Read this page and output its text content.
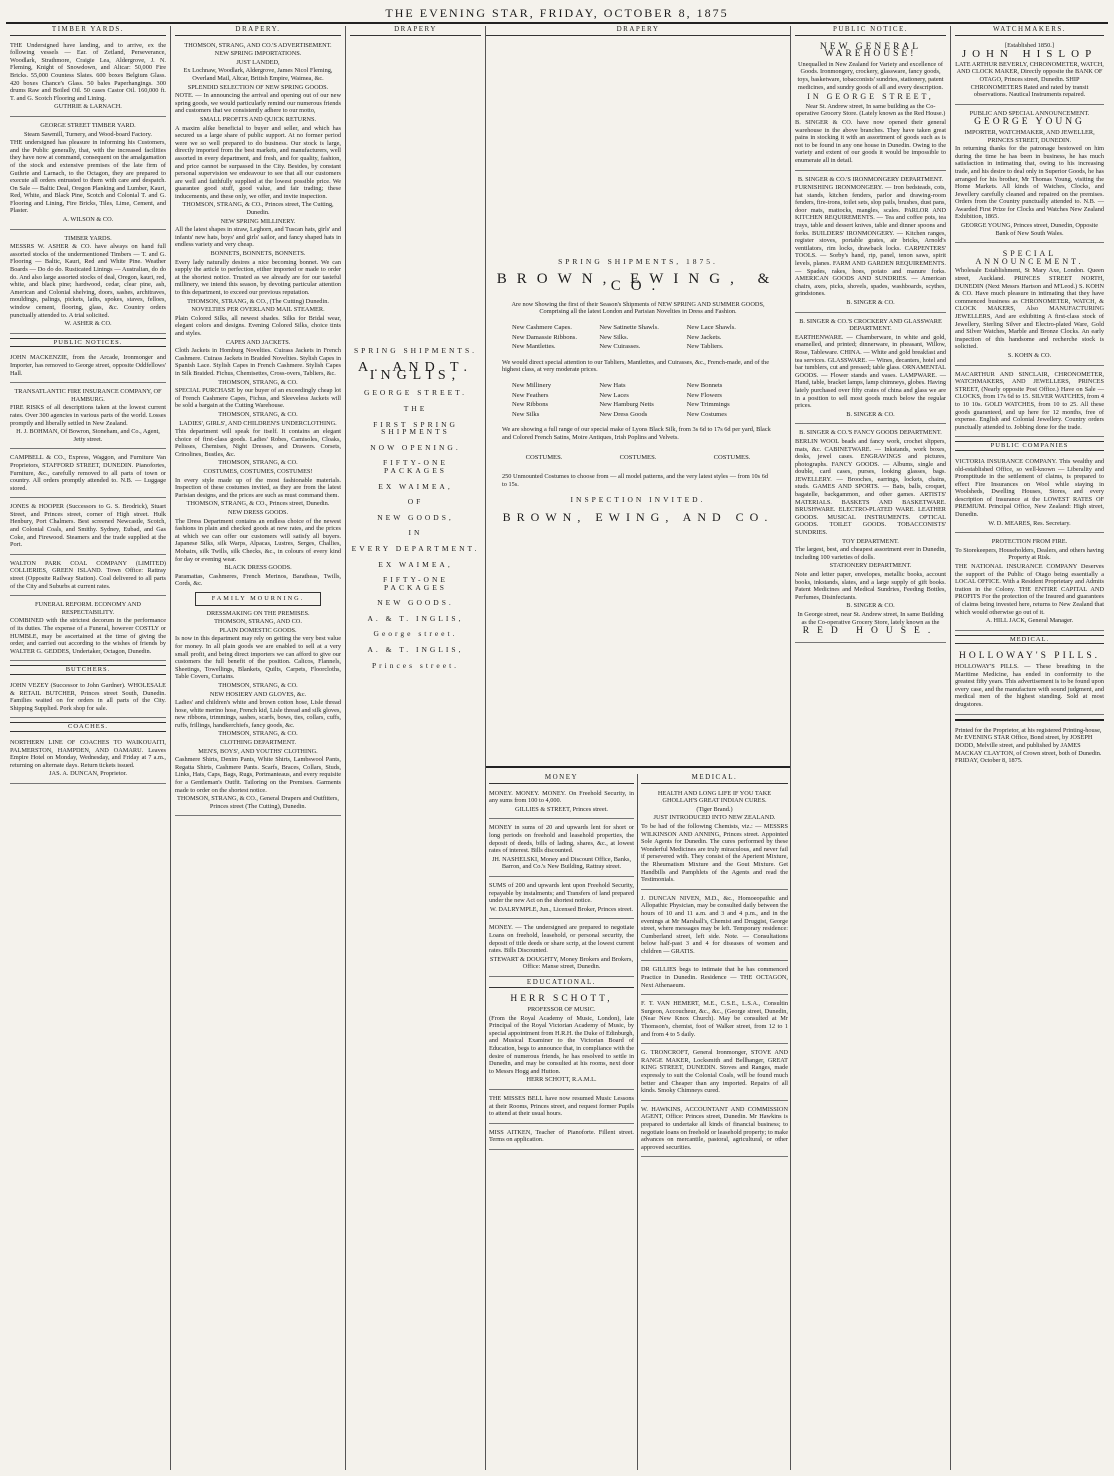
THE EVENING STAR, FRIDAY, OCTOBER 8, 1875
TIMBER YARDS.

THE Undersigned have landing, and to arrive, ex the following vessels — Ear. of Zetland, Perseverance, Woodlark, Strathmore, Craigie Lea, Aldergrove, J. N. Fleming, Knight of Snowdown, and Altcar: 50,000 Fire Bricks. 55,000 Countess Slates. 600 boxes Belgium Glass. 420 boxes Chance's Glass. 50 bales Paperhangings. 300 drums Raw and Boiled Oil. 50 cases Castor Oil. 160,000 ft. T. and G. Scotch Flooring and Lining.

GUTHRIE & LARNACH.

GEORGE STREET TIMBER YARD.

Steam Sawmill, Turnery, and Wood-board Factory.

THE undersigned has pleasure in informing his Customers, and the Public generally, that, with the increased facilities they have now at command, consequent on the amalgamation of the stock and extensive premises of the late firm of Guthrie and Larnach, to the Octagon, they are prepared to execute all orders entrusted to them with care and despatch. On Sale — Baltic Deal, Oregon Planking and Lumber, Kauri, Red, White, and Black Pine, Scotch and Colonial T. and G. Flooring and Lining, Fire Bricks, Tiles, Lime, Cement, and Plaster.

A. WILSON & CO.

TIMBER YARDS.

MESSRS W. ASHER & CO. have always on hand full assorted stocks of the undermentioned Timbers — T. and G. Flooring — Baltic, Kauri, Red and White Pine. Weather Boards — Do do do. Rusticated Linings — Australian, do do do. And also large assorted stocks of deal, Oregon, kauri, red, white, and black pine; hardwood, cedar, clear pine, ash, American and Colonial shelving, doors, sashes, architraves, mouldings, palings, pickets, laths, spokes, staves, felloes, window cement, flooring, glass, &c. Country orders punctually attended to. A trial solicited.

W. ASHER & CO.

PUBLIC NOTICES.

JOHN MACKENZIE, from the Arcade, Ironmonger and Importer, has removed to George street, opposite Oddfellows' Hall.

TRANSATLANTIC FIRE INSURANCE COMPANY, OF HAMBURG.

FIRE RISKS of all descriptions taken at the lowest current rates. Over 300 agencies in various parts of the world. Losses promptly and liberally settled in New Zealand.

H. J. BOHMAN, Of Bowron, Stoneham, and Co., Agent, Jetty street.

CAMPBELL & CO., Express, Waggon, and Furniture Van Proprietors, STAFFORD STREET, DUNEDIN. Pianofortes, Furniture, &c., carefully removed to all parts of town or country. All orders promptly attended to. N.B. — Luggage stored.

JONES & HOOPER (Successors to G. S. Brodrick), Stuart Street, and Princes street, corner of High street. Hulk Henbury, Port Chalmers. Best screened Newcastle, Scotch, and Colonial Coals, and Smithy. Sydney, Eubad, and Gas Coke, and Firewood. Steamers and the trade supplied at the Port.

WALTON PARK COAL COMPANY (LIMITED) COLLIERIES, GREEN ISLAND. Town Office: Rattray street (Opposite Railway Station). Coal delivered to all parts of the City and Suburbs at current rates.

FUNERAL REFORM. ECONOMY AND RESPECTABILITY.

COMBINED with the strictest decorum in the performance of its duties. The expense of a Funeral, however COSTLY or HUMBLE, may be ascertained at the time of giving the order, and carried out according to the wishes of friends by WALTER G. GEDDES, Undertaker, Octagon, Dunedin.

BUTCHERS.

JOHN VEZEY (Successor to John Gardner). WHOLESALE & RETAIL BUTCHER, Princes street South, Dunedin. Families waited on for orders in all parts of the City. Shipping Supplied. Pork shop for sale.

COACHES.

NORTHERN LINE OF COACHES TO WAIKOUAITI, PALMERSTON, HAMPDEN, AND OAMARU. Leaves Empire Hotel on Monday, Wednesday, and Friday at 7 a.m., returning on alternate days. Return tickets issued.

JAS. A. DUNCAN, Proprietor.

DRAPERY.

THOMSON, STRANG, AND CO.'S ADVERTISEMENT.

NEW SPRING IMPORTATIONS.

JUST LANDED,

Ex Lochnaw, Woodlark, Aldergrove, James Nicol Fleming, Overland Mail, Altcar, British Empire, Waimea, &c.

SPLENDID SELECTION OF NEW SPRING GOODS.

NOTE. — In announcing the arrival and opening out of our new spring goods, we would particularly remind our numerous friends and customers that we consistently adhere to our motto,

SMALL PROFITS AND QUICK RETURNS.

A maxim alike beneficial to buyer and seller, and which has secured us a large share of public support. At no former period were we so well prepared to do business. Our stock is large, directly imported from the best markets, and manufacturers, well assorted in every department, and fresh, and for quality, fashion, and price cannot be surpassed in the City. Besides, by constant personal supervision we endeavour to see that all our customers are well and faithfully supplied at the lowest possible price. We guarantee good stuff, good value, and fair trading; these inducements, and these only, we offer, and invite inspection.

THOMSON, STRANG, & CO., Princes street, The Cutting, Dunedin.

NEW SPRING MILLINERY.

All the latest shapes in straw, Leghorn, and Tuscan hats, girls' and infants' new hats, boys' and girls' sailor, and fancy shaped hats in endless variety and very cheap.

BONNETS, BONNETS, BONNETS.

Every lady naturally desires a nice becoming bonnet. We can supply the article to perfection, either imported or made to order at the shortest notice. Trusted as we already are for our tasteful millinery, we intend this season, by devoting particular attention to this department, to exceed our previous reputation.

THOMSON, STRANG, & CO., (The Cutting) Dunedin.

NOVELTIES PER OVERLAND MAIL STEAMER.

Plain Colored Silks, all newest shades. Silks for Bridal wear, elegant colors and designs. Evening Colored Silks, choice tints and styles.

CAPES AND JACKETS.

Cloth Jackets in Homburg Novelties. Cuirass Jackets in French Cashmere. Cuirass Jackets in Braided Novelties. Stylish Capes in Spanish Lace. Stylish Capes in French Cashmere. Stylish Capes in Silk Braided. Fichus, Chemisettes, Cross-overs, Tabliers, &c.

THOMSON, STRANG, & CO.

SPECIAL PURCHASE by our buyer of an exceedingly cheap lot of French Cashmere Capes, Fichus, and Sleeveless Jackets will be sold a bargain at the Cutting Warehouse.

THOMSON, STRANG, & CO.

LADIES', GIRLS', AND CHILDREN'S UNDERCLOTHING.

This department will speak for itself. It contains an elegant choice of first-class goods. Ladies' Robes, Camisoles, Cloaks, Pelisses, Chemises, Night Dresses, and Drawers. Corsets, Crinolines, Bustles, &c.

THOMSON, STRANG, & CO.

COSTUMES, COSTUMES, COSTUMES!

In every style made up of the most fashionable materials. Inspection of these costumes invited, as they are from the latest Parisian designs, and the prices are such as must command them.

THOMSON, STRANG, & CO., Princes street, Dunedin.

NEW DRESS GOODS.

The Dress Department contains an endless choice of the newest fashions in plain and checked goods at new rates, and the prices at which we can offer our customers will satisfy all buyers. Japanese Silks, silk Warps, Alpacas, Lustres, Serges, Challies, Mohairs, silk Twills, silk Checks, &c., in colours of every kind for day or evening wear.

BLACK DRESS GOODS.

Paramattas, Cashmeres, French Merinos, Baratheas, Twills, Cords, &c.

FAMILY MOURNING.

DRESSMAKING ON THE PREMISES.

THOMSON, STRANG, AND CO.

PLAIN DOMESTIC GOODS.

Is now in this department may rely on getting the very best value for money. In all plain goods we are enabled to sell at a very small profit, and being direct importers we can afford to give our customers the full benefit of the position. Calicos, Flannels, Sheetings, Towellings, Blankets, Quilts, Carpets, Floorcloths, Table Covers, Curtains.

THOMSON, STRANG, & CO.

NEW HOSIERY AND GLOVES, &c.

Ladies' and children's white and brown cotton hose, Lisle thread hose, white merino hose, French kid, Lisle thread and silk gloves, new ribbons, trimmings, sashes, scarfs, bows, ties, collars, cuffs, ruffs, frillings, handkerchiefs, fancy goods, &c.

THOMSON, STRANG, & CO.

CLOTHING DEPARTMENT.

MEN'S, BOYS', AND YOUTHS' CLOTHING.

Cashmere Shirts, Denim Pants, White Shirts, Lambswool Pants, Regatta Shirts, Cashmere Pants. Scarfs, Braces, Collars, Studs, Links, Hats, Caps, Bags, Rugs, Portmanteaus, and every requisite for a Gentleman's Outfit. Tailoring on the Premises. Garments made to order on the shortest notice.

THOMSON, STRANG, & CO., General Drapers and Outfitters, Princes street (The Cutting), Dunedin.

DRAPERY
SPRING SHIPMENTS.
A. AND T. INGLIS,
GEORGE STREET.
THE
FIRST SPRING SHIPMENTS
NOW OPENING.
FIFTY-ONE PACKAGES
EX WAIMEA,
OF
NEW GOODS,
IN
EVERY DEPARTMENT.
EX WAIMEA,
FIFTY-ONE PACKAGES
NEW GOODS.
A. & T. INGLIS,
George street.
A. & T. INGLIS,
Princes street.
DRAPERY
SPRING SHIPMENTS, 1875.
BROWN, EWING, & CO.

Are now Showing the first of their Season's Shipments of NEW SPRING AND SUMMER GOODS, Comprising all the latest London and Parisian Novelties in Dress and Fashion.

New Cashmere Capes.	New Satinette Shawls.	New Lace Shawls.
New Damassie Ribbons.	New Silks.	New Jackets.
New Mantlettes.	New Cuirasses.	New Tabliers.

We would direct special attention to our Tabliers, Mantlettes, and Cuirasses, &c., French-made, and of the highest class, at very moderate prices.

New Millinery	New Hats	New Bonnets
New Feathers	New Laces	New Flowers
New Ribbons	New Hamburg Netts	New Trimmings
New Silks	New Dress Goods	New Costumes

We are showing a full range of our special make of Lyons Black Silk, from 3s 6d to 17s 6d per yard, Black and Colored French Satins, Moire Antiques, Irish Poplins and Velvets.

COSTUMES.	COSTUMES.	COSTUMES.

250 Unmounted Costumes to choose from — all model patterns, and the very latest styles — from 10s 6d to 15s.

INSPECTION INVITED.
BROWN, EWING, AND CO.
MONEY

MONEY. MONEY. MONEY. On Freehold Security, in any sums from 100 to 4,000.

GILLIES & STREET, Princes street.

MONEY in sums of 20 and upwards lent for short or long periods on freehold and leasehold properties, the deposit of deeds, bills of lading, shares, &c., at lowest rates of interest. Bills discounted.

JH. NASHELSKI, Money and Discount Office, Banks, Barron, and Co.'s New Building, Rattray street.

SUMS of 200 and upwards lent upon Freehold Security, repayable by instalments; and Transfers of land prepared under the new Act on the shortest notice.

W. DALRYMPLE, Jun., Licensed Broker, Princes street.

MONEY. — The undersigned are prepared to negotiate Loans on freehold, leasehold, or personal security, the deposit of title deeds or share scrip, at the lowest current rates. Bills Discounted.

STEWART & DOUGHTY, Money Brokers and Brokers, Office: Manse street, Dunedin.

EDUCATIONAL.
HERR SCHOTT,

PROFESSOR OF MUSIC.

(From the Royal Academy of Music, London), late Principal of the Royal Victorian Academy of Music, by special appointment from H.R.H. the Duke of Edinburgh, and Musical Examiner to the Victorian Board of Education, begs to announce that, in compliance with the desire of numerous friends, he has resolved to settle in Dunedin, and may be consulted at his rooms, next door to Messrs Hogg and Hutton.

HERR SCHOTT, R.A.M.L.

THE MISSES BELL have now resumed Music Lessons at their Rooms, Princes street, and request former Pupils to attend at their usual hours.

MISS AITKEN, Teacher of Pianoforte. Fillent street. Terms on application.

MEDICAL.

HEALTH AND LONG LIFE IF YOU TAKE GHOLLAH'S GREAT INDIAN CURES.

(Tiger Brand.)

JUST INTRODUCED INTO NEW ZEALAND.

To be had of the following Chemists, viz.: — MESSRS WILKINSON AND ANNING, Princes street. Appointed Sole Agents for Dunedin. The cures performed by these Wonderful Medicines are truly miraculous, and never fail if persevered with. They consist of the Aperient Mixture, the Rheumatism Mixture and the Gout Mixture. Get Handbills and Pamphlets of the Agents and read the Testimonials.

J. DUNCAN NIVEN, M.D., &c., Homoeopathic and Allopathic Physician, may be consulted daily between the hours of 10 and 11 a.m. and 3 and 4 p.m., and in the evenings at Mr Marshall's, Chemist and Druggist, George street, where messages may be left. Temporary residence: Cumberland street, left side. Note. — Consultations below half-past 3 and 4 for diseases of women and children — GRATIS.

DR GILLIES begs to intimate that he has commenced Practice in Dunedin. Residence — THE OCTAGON, Next Athenaeum.

F. T. VAN HEMERT, M.E., C.S.E., L.S.A., Consultin Surgeon, Accoucheur, &c., &c., (George street, Dunedin, (Near New Knox Church). May be consulted at Mr Thomson's, chemist, foot of Walker street, from 12 to 1 and from 4 to 5 daily.

G. TRONCROFT, General Ironmonger, STOVE AND RANGE MAKER, Locksmith and Bellhanger, GREAT KING STREET, DUNEDIN. Stoves and Ranges, made expressly to suit the Colonial Coals, will be found much better and Cheaper than any imported. Repairs of all kinds. Smoky Chimneys cured.

W. HAWKINS, ACCOUNTANT AND COMMISSION AGENT, Office: Princes street, Dunedin. Mr Hawkins is prepared to undertake all kinds of financial business; to negotiate loans on freehold or leasehold property; to make advances on mercantile, pastoral, agricultural, or other approved securities.

PUBLIC NOTICE.
NEW GENERAL WAREHOUSE!

Unequalled in New Zealand for Variety and excellence of Goods. Ironmongery, crockery, glassware, fancy goods, toys, basketware, tobacconists' sundries, stationery, patent medicines, and sundry goods of all and every description.

IN GEORGE STREET,

Near St. Andrew street, In same building as the Co-operative Grocery Store. (Lately known as the Red House.)

B. SINGER & CO. have now opened their general warehouse in the above branches. They have taken great pains in stocking it with an assortment of goods such as is not to be found in any one house in Dunedin. Owing to the variety and extent of our goods it would be impossible to enumerate all in detail.

B. SINGER & CO.'S IRONMONGERY DEPARTMENT.

FURNISHING IRONMONGERY. — Iron bedsteads, cots, hat stands, kitchen fenders, parlor and drawing-room fenders, fire-irons, toilet sets, slop pails, brushes, dust pans, door mats, mattocks, mangles, scales. PARLOR AND KITCHEN REQUIREMENTS. — Tea and coffee pots, tea trays, table and dessert knives, table and dinner spoons and forks. BUILDERS' IRONMONGERY. — Kitchen ranges, register stoves, portable grates, air bricks, Arnold's ventilators, rim locks, drawback locks. CARPENTERS' TOOLS. — Sorby's hand, rip, panel, tenon saws, spirit levels, planes. FARM AND GARDEN REQUIREMENTS. — Spades, rakes, hoes, potato and manure forks. AMERICAN GOODS AND SUNDRIES. — American chairs, axes, picks, shovels, spades, washboards, scythes, grindstones.

B. SINGER & CO.

B. SINGER & CO.'S CROCKERY AND GLASSWARE DEPARTMENT.

EARTHENWARE. — Chamberware, in white and gold, enamelled, and printed; dinnerware, in pheasant, Willow, Rose, Tableware. CHINA. — White and gold breakfast and tea services. GLASSWARE. — Wines, decanters, hotel and bar tumblers, cut and pressed; table glass. ORNAMENTAL GOODS. — Flower stands and vases. LAMPWARE. — Hand, table, bracket lamps, lamp chimneys, globes. Having lately purchased over fifty crates of china and glass we are in a position to sell most goods much below the regular prices.

B. SINGER & CO.

B. SINGER & CO.'S FANCY GOODS DEPARTMENT.

BERLIN WOOL beads and fancy work, crochet slippers, mats, &c. CABINETWARE. — Inkstands, work boxes, desks, jewel cases. ENGRAVINGS and pictures, photographs. FANCY GOODS. — Albums, single and double, card cases, purses, looking glasses, bags. JEWELLERY. — Brooches, earrings, lockets, chains, studs. GAMES AND SPORTS. — Bats, balls, croquet, bagatelle, backgammon, and other games. ARTISTS' MATERIALS. BASKETS AND BASKETWARE. BRUSHWARE. ELECTRO-PLATED WARE. LEATHER GOODS. MUSICAL INSTRUMENTS. OPTICAL GOODS. TOILET GOODS. TOBACCONISTS' SUNDRIES.

TOY DEPARTMENT.

The largest, best, and cheapest assortment ever in Dunedin, including 100 varieties of dolls.

STATIONERY DEPARTMENT.

Note and letter paper, envelopes, metallic books, account books, inkstands, slates, and a large supply of gift books. Patent Medicines and Medical Sundries, Feeding Bottles, Perfumes, Disinfectants.

B. SINGER & CO.

In George street, near St. Andrew street, In same Building as the Co-operative Grocery Store, lately known as the

RED HOUSE.
WATCHMAKERS.

[Established 1850.]

JOHN HISLOP

LATE ARTHUR BEVERLY, CHRONOMETER, WATCH, AND CLOCK MAKER, Directly opposite the BANK OF OTAGO, Princes street, Dunedin. SHIP CHRONOMETERS Rated and rated by transit observations. Nautical Instruments repaired.

PUBLIC AND SPECIAL ANNOUNCEMENT.

GEORGE YOUNG

IMPORTER, WATCHMAKER, AND JEWELLER, PRINCES STREET, DUNEDIN.

In returning thanks for the patronage bestowed on him during the time he has been in business, he has much satisfaction in intimating that, owing to his increasing trade, and his desire to deal only in Superior Goods, he has arranged for his brother, Mr Thomas Young, visiting the Home Markets. All kinds of Watches, Clocks, and Jewellery carefully cleaned and repaired on the premises. Orders from the Country punctually attended to. N.B. — Awarded First Prize for Clocks and Watches New Zealand Exhibition, 1865.

GEORGE YOUNG, Princes street, Dunedin, Opposite Bank of New South Wales.

SPECIAL ANNOUNCEMENT.

Wholesale Establishment, St Mary Axe, London. Queen street, Auckland. PRINCES STREET NORTH, DUNEDIN (Next Messrs Hartson and M'Leod.) S. KOHN & CO. Have much pleasure in intimating that they have commenced business as CHRONOMETER, WATCH, & CLOCK MAKERS, Also MANUFACTURING JEWELLERS, And are exhibiting A first-class stock of Jewellery, Sterling Silver and Electro-plated Ware, Gold and Silver Watches, Marble and Bronze Clocks. An early inspection of this handsome and recherche stock is solicited.

S. KOHN & CO.

MACARTHUR AND SINCLAIR, CHRONOMETER, WATCHMAKERS, AND JEWELLERS, PRINCES STREET, (Nearly opposite Post Office.) Have on Sale — CLOCKS, from 17s 6d to 15. SILVER WATCHES, from 4 to 10 10s. GOLD WATCHES, from 10 to 25. All these goods guaranteed, and up here for 12 months, free of expense. English and Colonial Jewellery. Country orders punctually attended to. Jobbing done for the trade.

PUBLIC COMPANIES

VICTORIA INSURANCE COMPANY. This wealthy and old-established Office, so well-known — Liberality and Promptitude in the settlement of claims, is prepared to effect Fire Insurances on Wool while staying in Woolsheds, Dwelling Houses, Stores, and every description of Insurance at the LOWEST RATES OF PREMIUM. Principal Office, New Zealand: High street, Dunedin.

W. D. MEARES, Res. Secretary.

PROTECTION FROM FIRE.

To Storekeepers, Householders, Dealers, and others having Property at Risk.

THE NATIONAL INSURANCE COMPANY Deserves the support of the Public of Otago being essentially a LOCAL OFFICE. With a Resident Proprietary and Admits tration in the Colony. THE ENTIRE CAPITAL AND PROFITS For the protection of the Insured and guarantees of claims being invested here, returns to New Zealand that which would otherwise go out of it.

A. HILL JACK, General Manager.

MEDICAL.
HOLLOWAY'S PILLS.

HOLLOWAY'S PILLS. — These breathing in the Maritime Medicine, has ended in conformity to the greatest fifty years. This advertisement is to be found upon every case, and the manufacture with sound judgment, and medical men of the highest standing. Sold at most drugstores.

Printed for the Proprietor, at his registered Printing-house, Mr EVENING STAR Office, Bond street, by JOSEPH DODD, Melville street, and published by JAMES MACKAY CLAYTON, of Crown street, both of Dunedin. FRIDAY, October 8, 1875.
